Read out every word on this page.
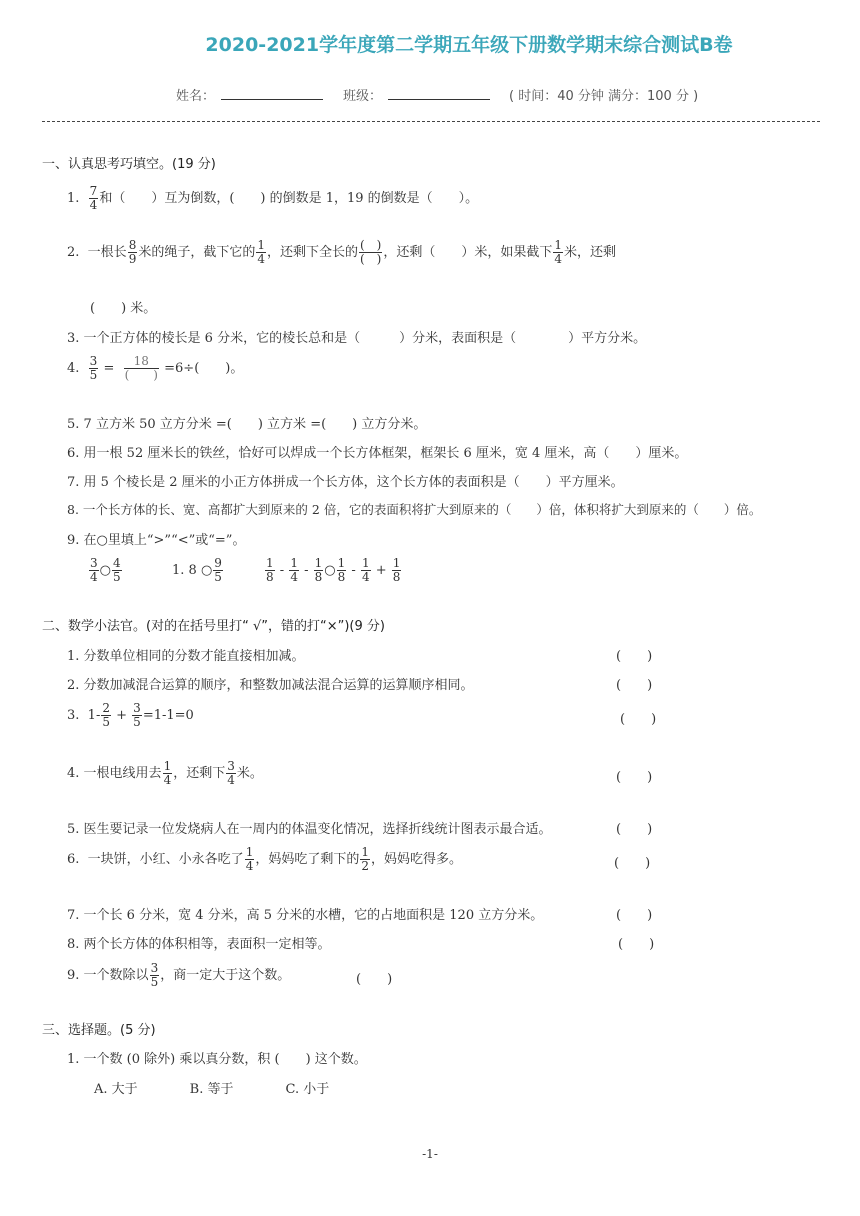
2020-2021学年度第二学期五年级下册数学期末综合测试B卷
姓名：	班级：	( 时间：40 分钟 满分：100 分 )
一、认真思考巧填空。(19 分)
1. $\frac{7}{4}$ 和（　　）互为倒数，(　　) 的倒数是 1，19 的倒数是（　　）。
2. 一根长 $\frac{8}{9}$ 米的绳子，截下它的 $\frac{1}{4}$ ，还剩下全长的 $\frac{( )}{( )}$ ，还剩（　　）米，如果截下 $\frac{1}{4}$ 米，还剩
(　　) 米。
3. 一个正方体的棱长是 6 分米，它的棱长总和是（　　　）分米，表面积是（　　　　）平方分米。
4. $\frac{3}{5} = \frac{18}{( )} =6\div$(　　)。
5. 7 立方米 50 立方分米 =(　　) 立方米 =(　　) 立方分米。
6. 用一根 52 厘米长的铁丝，恰好可以焊成一个长方体框架，框架长 6 厘米，宽 4 厘米，高（　　）厘米。
7. 用 5 个棱长是 2 厘米的小正方体拼成一个长方体，这个长方体的表面积是（　　）平方厘米。
8. 一个长方体的长、宽、高都扩大到原来的 2 倍，它的表面积将扩大到原来的（　　）倍，体积将扩大到原来的（　　）倍。
9. 在○里填上“>”“<”或“=”。
$\frac{3}{4}$ ○ $\frac{4}{5}$	1. 8 ○ $\frac{9}{5}$	$\frac{1}{8} - \frac{1}{4} - \frac{1}{8}$ ○ $\frac{1}{8} - \frac{1}{4} + \frac{1}{8}$
二、数学小法官。(对的在括号里打“ √”，错的打“×”)(9 分)
1. 分数单位相同的分数才能直接相加减。	(　　)
2. 分数加减混合运算的顺序，和整数加减法混合运算的运算顺序相同。	(　　)
3. $1- \frac{2}{5} + \frac{3}{5} =1-1=0$	(　　)
4. 一根电线用去 $\frac{1}{4}$ ，还剩下 $\frac{3}{4}$ 米。	(　　)
5. 医生要记录一位发烧病人在一周内的体温变化情况，选择折线统计图表示最合适。	(　　)
6. 一块饼，小红、小永各吃了 $\frac{1}{4}$ ，妈妈吃了剩下的 $\frac{1}{2}$ ，妈妈吃得多。	(　　)
7. 一个长 6 分米，宽 4 分米，高 5 分米的水槽，它的占地面积是 120 立方分米。	(　　)
8. 两个长方体的体积相等，表面积一定相等。	(　　)
9. 一个数除以 $\frac{3}{5}$ ，商一定大于这个数。	(　　)
三、选择题。(5 分)
1. 一个数 (0 除外) 乘以真分数，积 (　　) 这个数。
A. 大于　　　　B. 等于　　　　C. 小于
-1-
